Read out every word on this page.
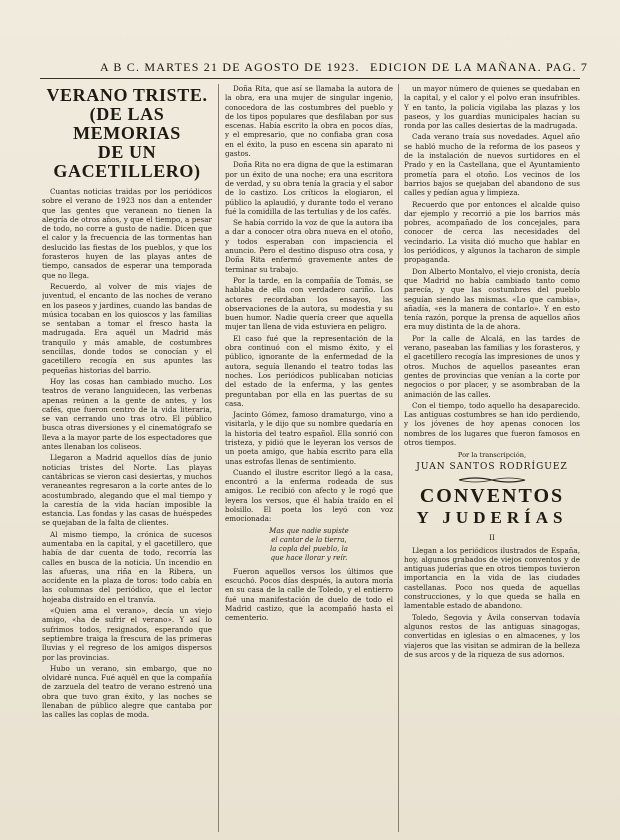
A B C. MARTES 21 DE AGOSTO DE 1923. EDICION DE LA MAÑANA. PAG. 7
VERANO TRISTE.
(DE LAS MEMORIAS
DE UN GACETILLERO)

Cuantas noticias traidas por los periódicos sobre el verano de 1923 nos dan a entender que las gentes que veranean no tienen la alegría de otros años, y que el tiempo, a pesar de todo, no corre a gusto de nadie. Dicen que el calor y la frecuencia de las tormentas han deslucido las fiestas de los pueblos, y que los forasteros huyen de las playas antes de tiempo, cansados de esperar una temporada que no llega.

Recuerdo, al volver de mis viajes de juventud, el encanto de las noches de verano en los paseos y jardines, cuando las bandas de música tocaban en los quioscos y las familias se sentaban a tomar el fresco hasta la madrugada. Era aquél un Madrid más tranquilo y más amable, de costumbres sencillas, donde todos se conocían y el gacetillero recogía en sus apuntes las pequeñas historias del barrio.

Hoy las cosas han cambiado mucho. Los teatros de verano languidecen, las verbenas apenas reúnen a la gente de antes, y los cafés, que fueron centro de la vida literaria, se van cerrando uno tras otro. El público busca otras diversiones y el cinematógrafo se lleva a la mayor parte de los espectadores que antes llenaban los coliseos.

Llegaron a Madrid aquellos días de junio noticias tristes del Norte. Las playas cantábricas se vieron casi desiertas, y muchos veraneantes regresaron a la corte antes de lo acostumbrado, alegando que el mal tiempo y la carestía de la vida hacían imposible la estancia. Las fondas y las casas de huéspedes se quejaban de la falta de clientes.

Al mismo tiempo, la crónica de sucesos aumentaba en la capital, y el gacetillero, que había de dar cuenta de todo, recorría las calles en busca de la noticia. Un incendio en las afueras, una riña en la Ribera, un accidente en la plaza de toros: todo cabía en las columnas del periódico, que el lector hojeaba distraído en el tranvía.

«Quien ama el verano», decía un viejo amigo, «ha de sufrir el verano». Y así lo sufrimos todos, resignados, esperando que septiembre traiga la frescura de las primeras lluvias y el regreso de los amigos dispersos por las provincias.

Hubo un verano, sin embargo, que no olvidaré nunca. Fué aquél en que la compañía de zarzuela del teatro de verano estrenó una obra que tuvo gran éxito, y las noches se llenaban de público alegre que cantaba por las calles las coplas de moda.

Doña Rita, que así se llamaba la autora de la obra, era una mujer de singular ingenio, conocedora de las costumbres del pueblo y de los tipos populares que desfilaban por sus escenas. Había escrito la obra en pocos días, y el empresario, que no confiaba gran cosa en el éxito, la puso en escena sin aparato ni gastos.

Doña Rita no era digna de que la estimaran por un éxito de una noche; era una escritora de verdad, y su obra tenía la gracia y el sabor de lo castizo. Los críticos la elogiaron, el público la aplaudió, y durante todo el verano fué la comidilla de las tertulias y de los cafés.

Se había corrido la voz de que la autora iba a dar a conocer otra obra nueva en el otoño, y todos esperaban con impaciencia el anuncio. Pero el destino dispuso otra cosa, y Doña Rita enfermó gravemente antes de terminar su trabajo.

Por la tarde, en la compañía de Tomás, se hablaba de ella con verdadero cariño. Los actores recordaban los ensayos, las observaciones de la autora, su modestia y su buen humor. Nadie quería creer que aquella mujer tan llena de vida estuviera en peligro.

El caso fué que la representación de la obra continuó con el mismo éxito, y el público, ignorante de la enfermedad de la autora, seguía llenando el teatro todas las noches. Los periódicos publicaban noticias del estado de la enferma, y las gentes preguntaban por ella en las puertas de su casa.

Jacinto Gómez, famoso dramaturgo, vino a visitarla, y le dijo que su nombre quedaría en la historia del teatro español. Ella sonrió con tristeza, y pidió que le leyeran los versos de un poeta amigo, que había escrito para ella unas estrofas llenas de sentimiento.

Cuando el ilustre escritor llegó a la casa, encontró a la enferma rodeada de sus amigos. Le recibió con afecto y le rogó que leyera los versos, que él había traído en el bolsillo. El poeta los leyó con voz emocionada:

Mas que nadie supiste
el cantar de la tierra,
la copla del pueblo, la
que hace llorar y reír.

Fueron aquellos versos los últimos que escuchó. Pocos días después, la autora moría en su casa de la calle de Toledo, y el entierro fué una manifestación de duelo de todo el Madrid castizo, que la acompañó hasta el cementerio.

un mayor número de quienes se quedaban en la capital, y el calor y el polvo eran insufribles. Y en tanto, la policía vigilaba las plazas y los paseos, y los guardias municipales hacían su ronda por las calles desiertas de la madrugada.

Cada verano traía sus novedades. Aquel año se habló mucho de la reforma de los paseos y de la instalación de nuevos surtidores en el Prado y en la Castellana, que el Ayuntamiento prometía para el otoño. Los vecinos de los barrios bajos se quejaban del abandono de sus calles y pedían agua y limpieza.

Recuerdo que por entonces el alcalde quiso dar ejemplo y recorrió a pie los barrios más pobres, acompañado de los concejales, para conocer de cerca las necesidades del vecindario. La visita dió mucho que hablar en los periódicos, y algunos la tacharon de simple propaganda.

Don Alberto Montalvo, el viejo cronista, decía que Madrid no había cambiado tanto como parecía, y que las costumbres del pueblo seguían siendo las mismas. «Lo que cambia», añadía, «es la manera de contarlo». Y en esto tenía razón, porque la prensa de aquellos años era muy distinta de la de ahora.

Por la calle de Alcalá, en las tardes de verano, paseaban las familias y los forasteros, y el gacetillero recogía las impresiones de unos y otros. Muchos de aquellos paseantes eran gentes de provincias que venían a la corte por negocios o por placer, y se asombraban de la animación de las calles.

Con el tiempo, todo aquello ha desaparecido. Las antiguas costumbres se han ido perdiendo, y los jóvenes de hoy apenas conocen los nombres de los lugares que fueron famosos en otros tiempos.

Por la transcripción,
JUAN SANTOS RODRÍGUEZ
CONVENTOS
Y JUDERÍAS
II

Llegan a los periódicos ilustrados de España, hoy, algunos grabados de viejos conventos y de antiguas juderías que en otros tiempos tuvieron importancia en la vida de las ciudades castellanas. Poco nos queda de aquellas construcciones, y lo que queda se halla en lamentable estado de abandono.

Toledo, Segovia y Ávila conservan todavía algunos restos de las antiguas sinagogas, convertidas en iglesias o en almacenes, y los viajeros que las visitan se admiran de la belleza de sus arcos y de la riqueza de sus adornos.
